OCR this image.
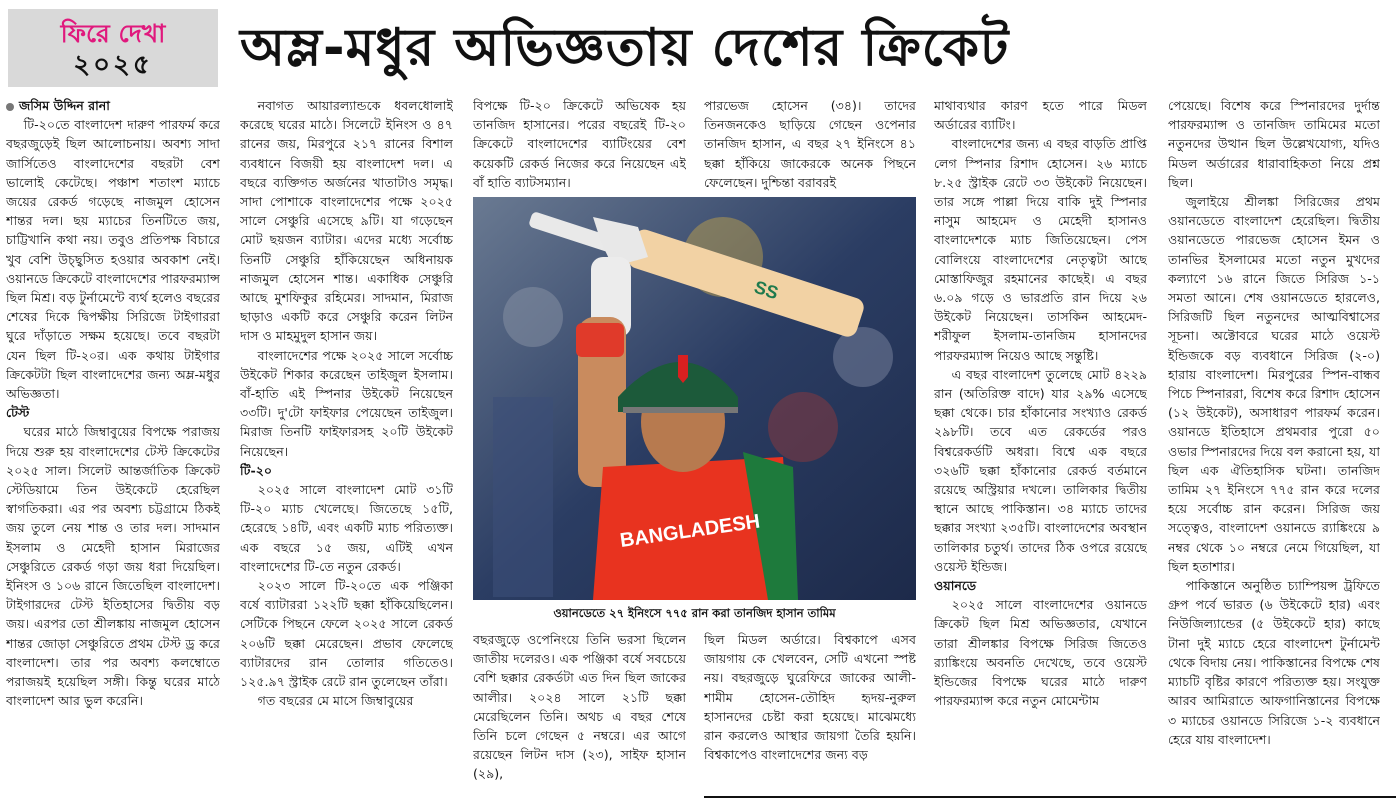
ফিরে দেখা
২০২৫	অম্ল-মধুর অভিজ্ঞতায় দেশের ক্রিকেট

জসিম উদ্দিন রানা

টি-২০তে বাংলাদেশ দারুণ পারফর্ম করে বছরজুড়েই ছিল আলোচনায়। অবশ্য সাদা জার্সিতেও বাংলাদেশের বছরটা বেশ ভালোই কেটেছে। পঞ্চাশ শতাংশ ম্যাচে জয়ের রেকর্ড গড়েছে নাজমুল হোসেন শান্তর দল। ছয় ম্যাচের তিনটিতে জয়, চাট্টিখানি কথা নয়। তবুও প্রতিপক্ষ বিচারে খুব বেশি উচ্ছ্বসিত হওয়ার অবকাশ নেই। ওয়ানডে ক্রিকেটে বাংলাদেশের পারফরম্যান্স ছিল মিশ্র। বড় টুর্নামেন্টে ব্যর্থ হলেও বছরের শেষের দিকে দ্বিপক্ষীয় সিরিজে টাইগাররা ঘুরে দাঁড়াতে সক্ষম হয়েছে। তবে বছরটা যেন ছিল টি-২০র। এক কথায় টাইগার ক্রিকেটটা ছিল বাংলাদেশের জন্য অম্ল-মধুর অভিজ্ঞতা।

টেস্ট

ঘরের মাঠে জিম্বাবুয়ের বিপক্ষে পরাজয় দিয়ে শুরু হয় বাংলাদেশের টেস্ট ক্রিকেটের ২০২৫ সাল। সিলেট আন্তর্জাতিক ক্রিকেট স্টেডিয়ামে তিন উইকেটে হেরেছিল স্বাগতিকরা। এর পর অবশ্য চট্টগ্রামে ঠিকই জয় তুলে নেয় শান্ত ও তার দল। সাদমান ইসলাম ও মেহেদী হাসান মিরাজের সেঞ্চুরিতে রেকর্ড গড়া জয় ধরা দিয়েছিল। ইনিংস ও ১০৬ রানে জিতেছিল বাংলাদেশ। টাইগারদের টেস্ট ইতিহাসের দ্বিতীয় বড় জয়। এরপর তো শ্রীলঙ্কায় নাজমুল হোসেন শান্তর জোড়া সেঞ্চুরিতে প্রথম টেস্ট ড্র করে বাংলাদেশ। তার পর অবশ্য কলম্বোতে পরাজয়ই হয়েছিল সঙ্গী। কিন্তু ঘরের মাঠে বাংলাদেশ আর ভুল করেনি।

নবাগত আয়ারল্যান্ডকে ধবলধোলাই করেছে ঘরের মাঠে। সিলেটে ইনিংস ও ৪৭ রানের জয়, মিরপুরে ২১৭ রানের বিশাল ব্যবধানে বিজয়ী হয় বাংলাদেশ দল। এ বছরে ব্যক্তিগত অর্জনের খাতাটাও সমৃদ্ধ। সাদা পোশাকে বাংলাদেশের পক্ষে ২০২৫ সালে সেঞ্চুরি এসেছে ৯টি। যা গড়েছেন মোট ছয়জন ব্যাটার। এদের মধ্যে সর্বোচ্চ তিনটি সেঞ্চুরি হাঁকিয়েছেন অধিনায়ক নাজমুল হোসেন শান্ত। একাধিক সেঞ্চুরি আছে মুশফিকুর রহিমের। সাদমান, মিরাজ ছাড়াও একটি করে সেঞ্চুরি করেন লিটন দাস ও মাহমুদুল হাসান জয়।

বাংলাদেশের পক্ষে ২০২৫ সালে সর্বোচ্চ উইকেট শিকার করেছেন তাইজুল ইসলাম। বাঁ-হাতি এই স্পিনার উইকেট নিয়েছেন ৩৩টি। দু'টো ফাইফার পেয়েছেন তাইজুল। মিরাজ তিনটি ফাইফারসহ ২০টি উইকেট নিয়েছেন।

টি-২০

২০২৫ সালে বাংলাদেশ মোট ৩১টি টি-২০ ম্যাচ খেলেছে। জিতেছে ১৫টি, হেরেছে ১৪টি, এবং একটি ম্যাচ পরিত্যক্ত। এক বছরে ১৫ জয়, এটিই এখন বাংলাদেশের টি-তে নতুন রেকর্ড।

২০২৩ সালে টি-২০তে এক পঞ্জিকা বর্ষে ব্যাটাররা ১২২টি ছক্কা হাঁকিয়েছিলেন। সেটিকে পিছনে ফেলে ২০২৫ সালে রেকর্ড ২০৬টি ছক্কা মেরেছেন। প্রভাব ফেলেছে ব্যাটারদের রান তোলার গতিতেও। ১২৫.৯৭ স্ট্রাইক রেটে রান তুলেছেন তাঁরা।

গত বছরের মে মাসে জিম্বাবুয়ের

বিপক্ষে টি-২০ ক্রিকেটে অভিষেক হয় তানজিদ হাসানের। পরের বছরেই টি-২০ ক্রিকেটে বাংলাদেশের ব্যাটিংয়ের বেশ কয়েকটি রেকর্ড নিজের করে নিয়েছেন এই বাঁ হাতি ব্যাটসম্যান।

পারভেজ হোসেন (৩৪)। তাদের তিনজনকেও ছাড়িয়ে গেছেন ওপেনার তানজিদ হাসান, এ বছর ২৭ ইনিংসে ৪১ ছক্কা হাঁকিয়ে জাকেরকে অনেক পিছনে ফেলেছেন। দুশ্চিন্তা বরাবরই

SS
BANGLADESH
ওয়ানডেতে ২৭ ইনিংসে ৭৭৫ রান করা তানজিদ হাসান তামিম

বছরজুড়ে ওপেনিংয়ে তিনি ভরসা ছিলেন জাতীয় দলেরও। এক পঞ্জিকা বর্ষে সবচেয়ে বেশি ছক্কার রেকর্ডটা এত দিন ছিল জাকের আলীর। ২০২৪ সালে ২১টি ছক্কা মেরেছিলেন তিনি। অথচ এ বছর শেষে তিনি চলে গেছেন ৫ নম্বরে। এর আগে রয়েছেন লিটন দাস (২৩), সাইফ হাসান (২৯),

ছিল মিডল অর্ডারে। বিশ্বকাপে এসব জায়গায় কে খেলবেন, সেটি এখনো স্পষ্ট নয়। বছরজুড়ে ঘুরেফিরে জাকের আলী-শামীম হোসেন-তৌহিদ হৃদয়-নুরুল হাসানদের চেষ্টা করা হয়েছে। মাঝেমধ্যে রান করলেও আস্থার জায়গা তৈরি হয়নি। বিশ্বকাপেও বাংলাদেশের জন্য বড়

মাথাব্যথার কারণ হতে পারে মিডল অর্ডারের ব্যাটিং।

বাংলাদেশের জন্য এ বছর বাড়তি প্রাপ্তি লেগ স্পিনার রিশাদ হোসেন। ২৬ ম্যাচে ৮.২৫ স্ট্রাইক রেটে ৩৩ উইকেট নিয়েছেন। তার সঙ্গে পাল্লা দিয়ে বাকি দুই স্পিনার নাসুম আহমেদ ও মেহেদী হাসানও বাংলাদেশকে ম্যাচ জিতিয়েছেন। পেস বোলিংয়ে বাংলাদেশের নেতৃত্বটা আছে মোস্তাফিজুর রহমানের কাছেই। এ বছর ৬.০৯ গড়ে ও ভারপ্রতি রান দিয়ে ২৬ উইকেট নিয়েছেন। তাসকিন আহমেদ-শরীফুল ইসলাম-তানজিম হাসানদের পারফরম্যান্স নিয়েও আছে সন্তুষ্টি।

এ বছর বাংলাদেশ তুলেছে মোট ৪২২৯ রান (অতিরিক্ত বাদে) যার ২৯% এসেছে ছক্কা থেকে। চার হাঁকানোর সংখ্যাও রেকর্ড ২৯৮টি। তবে এত রেকর্ডের পরও বিশ্বরেকর্ডটি অধরা। বিশ্বে এক বছরে ৩২৬টি ছক্কা হাঁকানোর রেকর্ড বর্তমানে রয়েছে অস্ট্রিয়ার দখলে। তালিকার দ্বিতীয় স্থানে আছে পাকিস্তান। ৩৪ ম্যাচে তাদের ছক্কার সংখ্যা ২৩৫টি। বাংলাদেশের অবস্থান তালিকার চতুর্থ। তাদের ঠিক ওপরে রয়েছে ওয়েস্ট ইন্ডিজ।

ওয়ানডে

২০২৫ সালে বাংলাদেশের ওয়ানডে ক্রিকেট ছিল মিশ্র অভিজ্ঞতার, যেখানে তারা শ্রীলঙ্কার বিপক্ষে সিরিজ জিতেও র‍্যাঙ্কিংয়ে অবনতি দেখেছে, তবে ওয়েস্ট ইন্ডিজের বিপক্ষে ঘরের মাঠে দারুণ পারফরম্যান্স করে নতুন মোমেন্টাম

পেয়েছে। বিশেষ করে স্পিনারদের দুর্দান্ত পারফরম্যান্স ও তানজিদ তামিমের মতো নতুনদের উত্থান ছিল উল্লেখযোগ্য, যদিও মিডল অর্ডারের ধারাবাহিকতা নিয়ে প্রশ্ন ছিল।

জুলাইয়ে শ্রীলঙ্কা সিরিজের প্রথম ওয়ানডেতে বাংলাদেশ হেরেছিল। দ্বিতীয় ওয়ানডেতে পারভেজ হোসেন ইমন ও তানভির ইসলামের মতো নতুন মুখদের কল্যাণে ১৬ রানে জিতে সিরিজ ১-১ সমতা আনে। শেষ ওয়ানডেতে হারলেও, সিরিজটি ছিল নতুনদের আত্মবিশ্বাসের সূচনা। অক্টোবরে ঘরের মাঠে ওয়েস্ট ইন্ডিজকে বড় ব্যবধানে সিরিজ (২-০) হারায় বাংলাদেশ। মিরপুরের স্পিন-বান্ধব পিচে স্পিনাররা, বিশেষ করে রিশাদ হোসেন (১২ উইকেট), অসাধারণ পারফর্ম করেন। ওয়ানডে ইতিহাসে প্রথমবার পুরো ৫০ ওভার স্পিনারদের দিয়ে বল করানো হয়, যা ছিল এক ঐতিহাসিক ঘটনা। তানজিদ তামিম ২৭ ইনিংসে ৭৭৫ রান করে দলের হয়ে সর্বোচ্চ রান করেন। সিরিজ জয় সত্ত্বেও, বাংলাদেশ ওয়ানডে র‍্যাঙ্কিংয়ে ৯ নম্বর থেকে ১০ নম্বরে নেমে গিয়েছিল, যা ছিল হতাশার।

পাকিস্তানে অনুষ্ঠিত চ্যাম্পিয়ন্স ট্রফিতে গ্রুপ পর্বে ভারত (৬ উইকেটে হার) এবং নিউজিল্যান্ডের (৫ উইকেটে হার) কাছে টানা দুই ম্যাচে হেরে বাংলাদেশ টুর্নামেন্ট থেকে বিদায় নেয়। পাকিস্তানের বিপক্ষে শেষ ম্যাচটি বৃষ্টির কারণে পরিত্যক্ত হয়। সংযুক্ত আরব আমিরাতে আফগানিস্তানের বিপক্ষে ৩ ম্যাচের ওয়ানডে সিরিজে ১-২ ব্যবধানে হেরে যায় বাংলাদেশ।
